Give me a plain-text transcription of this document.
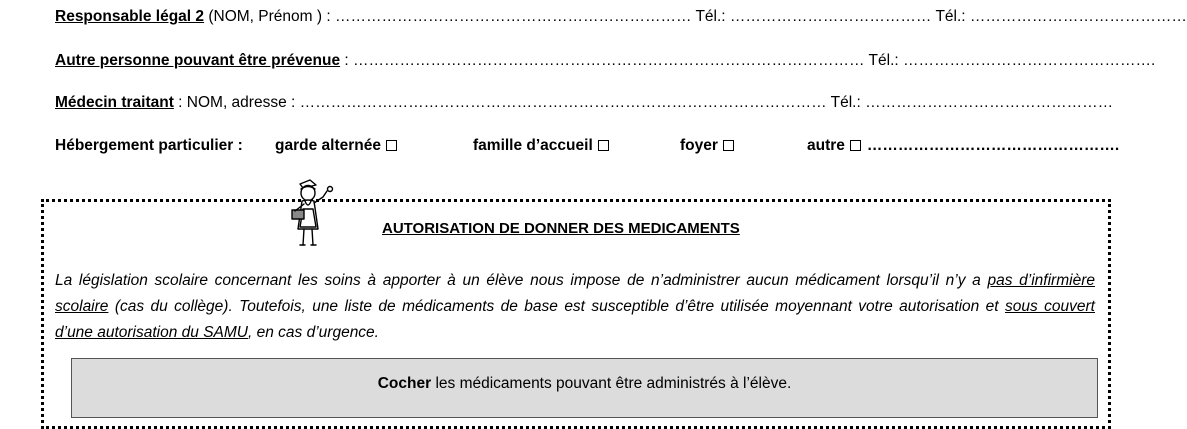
Responsable légal 2 (NOM, Prénom ) : …………………………………………………………… Tél.: ………………………………… Tél.: ……………………………………
Autre personne pouvant être prévenue : ……………………………………………………………………………………… Tél.: ………………………………………….
Médecin traitant : NOM, adresse : ………………………………………………………………………………………… Tél.: …………………………………………
Hébergement particulier : garde alternée	famille d’accueil	foyer	autre ………………………………………….
AUTORISATION DE DONNER DES MEDICAMENTS
La législation scolaire concernant les soins à apporter à un élève nous impose de n’administrer aucun médicament lorsqu’il n’y a pas d’infirmière scolaire (cas du collège). Toutefois, une liste de médicaments de base est susceptible d’être utilisée moyennant votre autorisation et sous couvert d’une autorisation du SAMU, en cas d’urgence.
Cocher les médicaments pouvant être administrés à l’élève.
